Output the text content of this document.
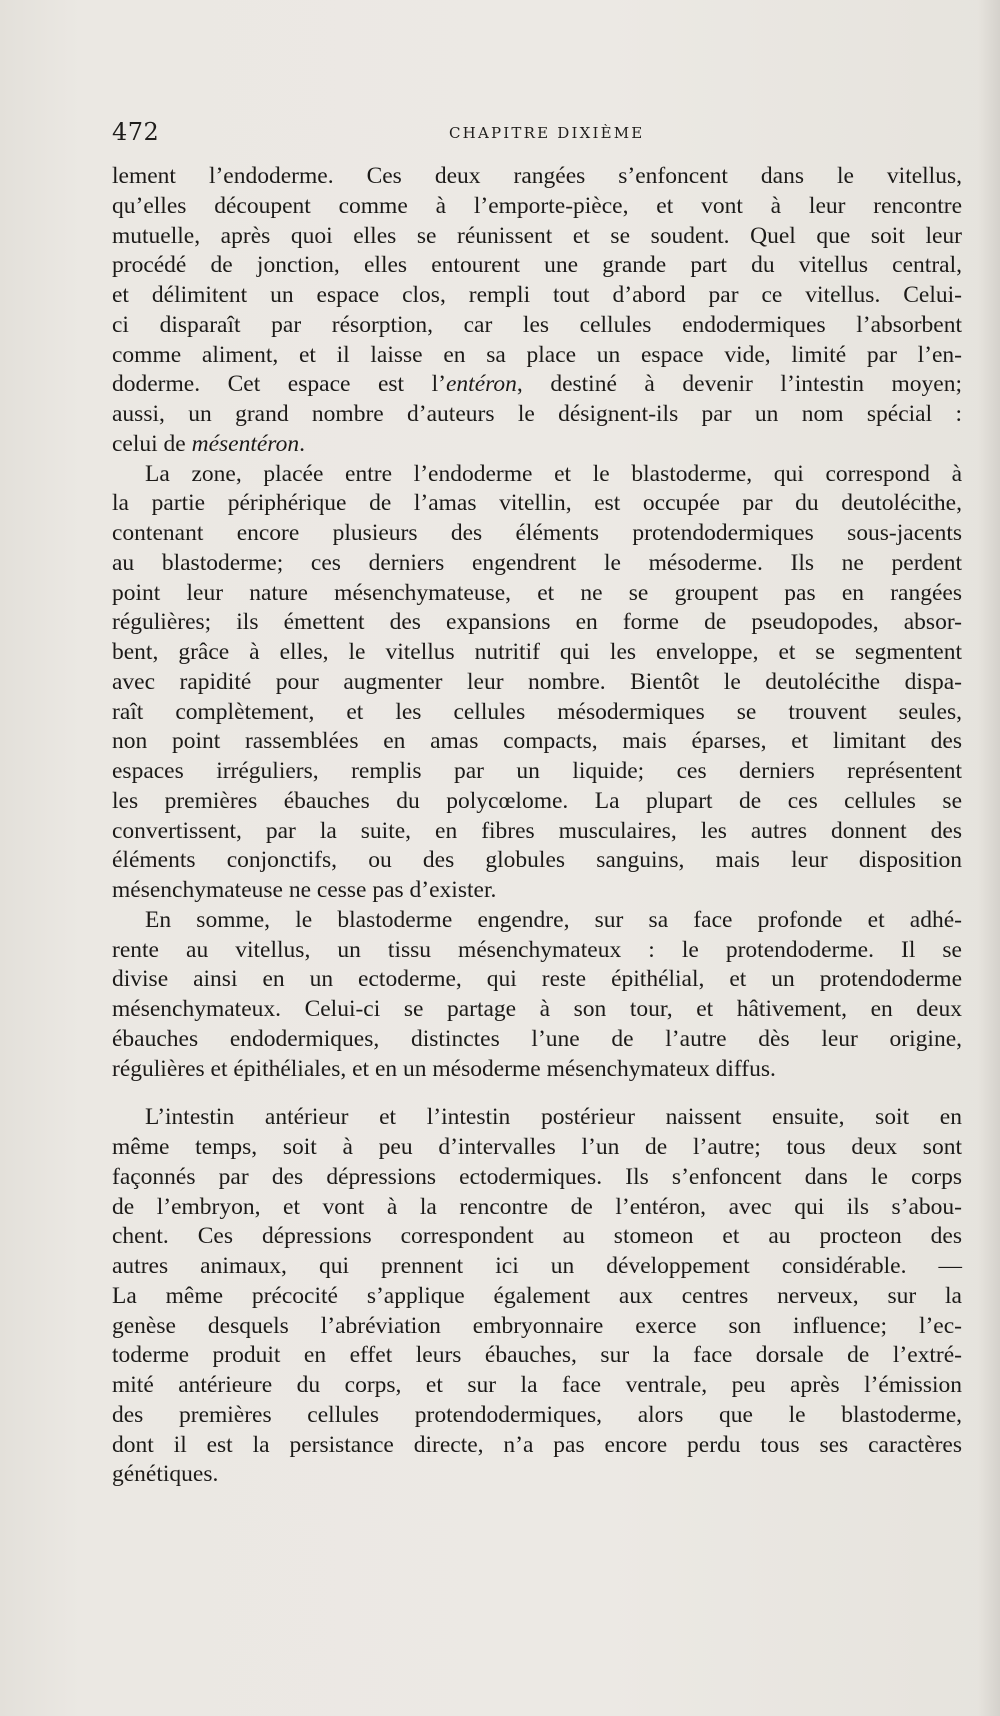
472	CHAPITRE DIXIÈME
lement l’endoderme. Ces deux rangées s’enfoncent dans le vitellus,
qu’elles découpent comme à l’emporte-pièce, et vont à leur rencontre
mutuelle, après quoi elles se réunissent et se soudent. Quel que soit leur
procédé de jonction, elles entourent une grande part du vitellus central,
et délimitent un espace clos, rempli tout d’abord par ce vitellus. Celui-
ci disparaît par résorption, car les cellules endodermiques l’absorbent
comme aliment, et il laisse en sa place un espace vide, limité par l’en-
doderme. Cet espace est l’entéron, destiné à devenir l’intestin moyen;
aussi, un grand nombre d’auteurs le désignent-ils par un nom spécial :
celui de mésentéron.
La zone, placée entre l’endoderme et le blastoderme, qui correspond à
la partie périphérique de l’amas vitellin, est occupée par du deutolécithe,
contenant encore plusieurs des éléments protendodermiques sous-jacents
au blastoderme; ces derniers engendrent le mésoderme. Ils ne perdent
point leur nature mésenchymateuse, et ne se groupent pas en rangées
régulières; ils émettent des expansions en forme de pseudopodes, absor-
bent, grâce à elles, le vitellus nutritif qui les enveloppe, et se segmentent
avec rapidité pour augmenter leur nombre. Bientôt le deutolécithe dispa-
raît complètement, et les cellules mésodermiques se trouvent seules,
non point rassemblées en amas compacts, mais éparses, et limitant des
espaces irréguliers, remplis par un liquide; ces derniers représentent
les premières ébauches du polycœlome. La plupart de ces cellules se
convertissent, par la suite, en fibres musculaires, les autres donnent des
éléments conjonctifs, ou des globules sanguins, mais leur disposition
mésenchymateuse ne cesse pas d’exister.
En somme, le blastoderme engendre, sur sa face profonde et adhé-
rente au vitellus, un tissu mésenchymateux : le protendoderme. Il se
divise ainsi en un ectoderme, qui reste épithélial, et un protendoderme
mésenchymateux. Celui-ci se partage à son tour, et hâtivement, en deux
ébauches endodermiques, distinctes l’une de l’autre dès leur origine,
régulières et épithéliales, et en un mésoderme mésenchymateux diffus.
L’intestin antérieur et l’intestin postérieur naissent ensuite, soit en
même temps, soit à peu d’intervalles l’un de l’autre; tous deux sont
façonnés par des dépressions ectodermiques. Ils s’enfoncent dans le corps
de l’embryon, et vont à la rencontre de l’entéron, avec qui ils s’abou-
chent. Ces dépressions correspondent au stomeon et au procteon des
autres animaux, qui prennent ici un développement considérable. —
La même précocité s’applique également aux centres nerveux, sur la
genèse desquels l’abréviation embryonnaire exerce son influence; l’ec-
toderme produit en effet leurs ébauches, sur la face dorsale de l’extré-
mité antérieure du corps, et sur la face ventrale, peu après l’émission
des premières cellules protendodermiques, alors que le blastoderme,
dont il est la persistance directe, n’a pas encore perdu tous ses caractères
génétiques.
